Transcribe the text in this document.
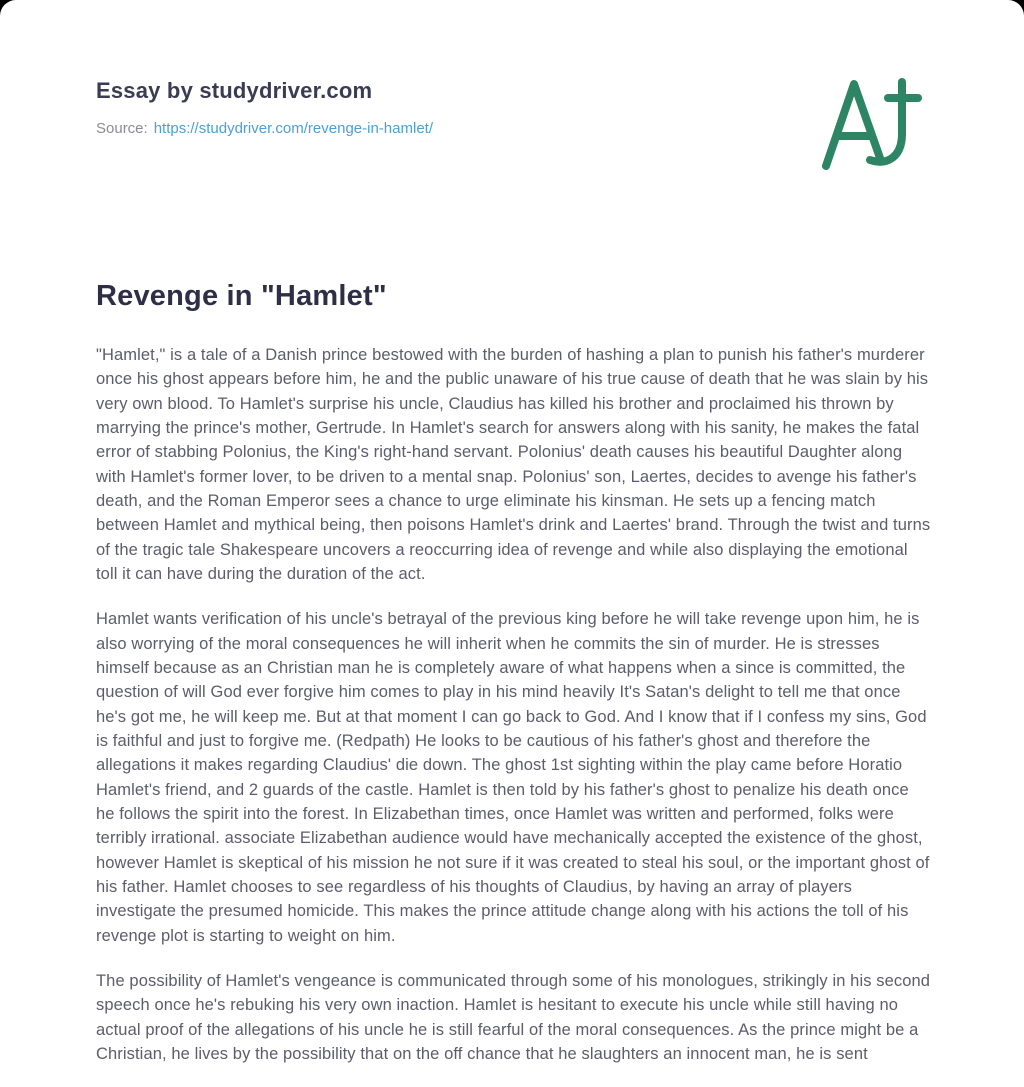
Essay by studydriver.com
Source: https://studydriver.com/revenge-in-hamlet/
Revenge in "Hamlet"

"Hamlet," is a tale of a Danish prince bestowed with the burden of hashing a plan to punish his father's murderer once his ghost appears before him, he and the public unaware of his true cause of death that he was slain by his very own blood. To Hamlet's surprise his uncle, Claudius has killed his brother and proclaimed his thrown by marrying the prince's mother, Gertrude. In Hamlet's search for answers along with his sanity, he makes the fatal error of stabbing Polonius, the King's right-hand servant. Polonius' death causes his beautiful Daughter along with Hamlet's former lover, to be driven to a mental snap. Polonius' son, Laertes, decides to avenge his father's death, and the Roman Emperor sees a chance to urge eliminate his kinsman. He sets up a fencing match between Hamlet and mythical being, then poisons Hamlet's drink and Laertes' brand. Through the twist and turns of the tragic tale Shakespeare uncovers a reoccurring idea of revenge and while also displaying the emotional toll it can have during the duration of the act.

Hamlet wants verification of his uncle's betrayal of the previous king before he will take revenge upon him, he is also worrying of the moral consequences he will inherit when he commits the sin of murder. He is stresses himself because as an Christian man he is completely aware of what happens when a since is committed, the question of will God ever forgive him comes to play in his mind heavily It's Satan's delight to tell me that once he's got me, he will keep me. But at that moment I can go back to God. And I know that if I confess my sins, God is faithful and just to forgive me. (Redpath) He looks to be cautious of his father's ghost and therefore the allegations it makes regarding Claudius' die down. The ghost 1st sighting within the play came before Horatio Hamlet's friend, and 2 guards of the castle. Hamlet is then told by his father's ghost to penalize his death once he follows the spirit into the forest. In Elizabethan times, once Hamlet was written and performed, folks were terribly irrational. associate Elizabethan audience would have mechanically accepted the existence of the ghost, however Hamlet is skeptical of his mission he not sure if it was created to steal his soul, or the important ghost of his father. Hamlet chooses to see regardless of his thoughts of Claudius, by having an array of players investigate the presumed homicide. This makes the prince attitude change along with his actions the toll of his revenge plot is starting to weight on him.

The possibility of Hamlet's vengeance is communicated through some of his monologues, strikingly in his second speech once he's rebuking his very own inaction. Hamlet is hesitant to execute his uncle while still having no actual proof of the allegations of his uncle he is still fearful of the moral consequences. As the prince might be a Christian, he lives by the possibility that on the off chance that he slaughters an innocent man, he is sent
